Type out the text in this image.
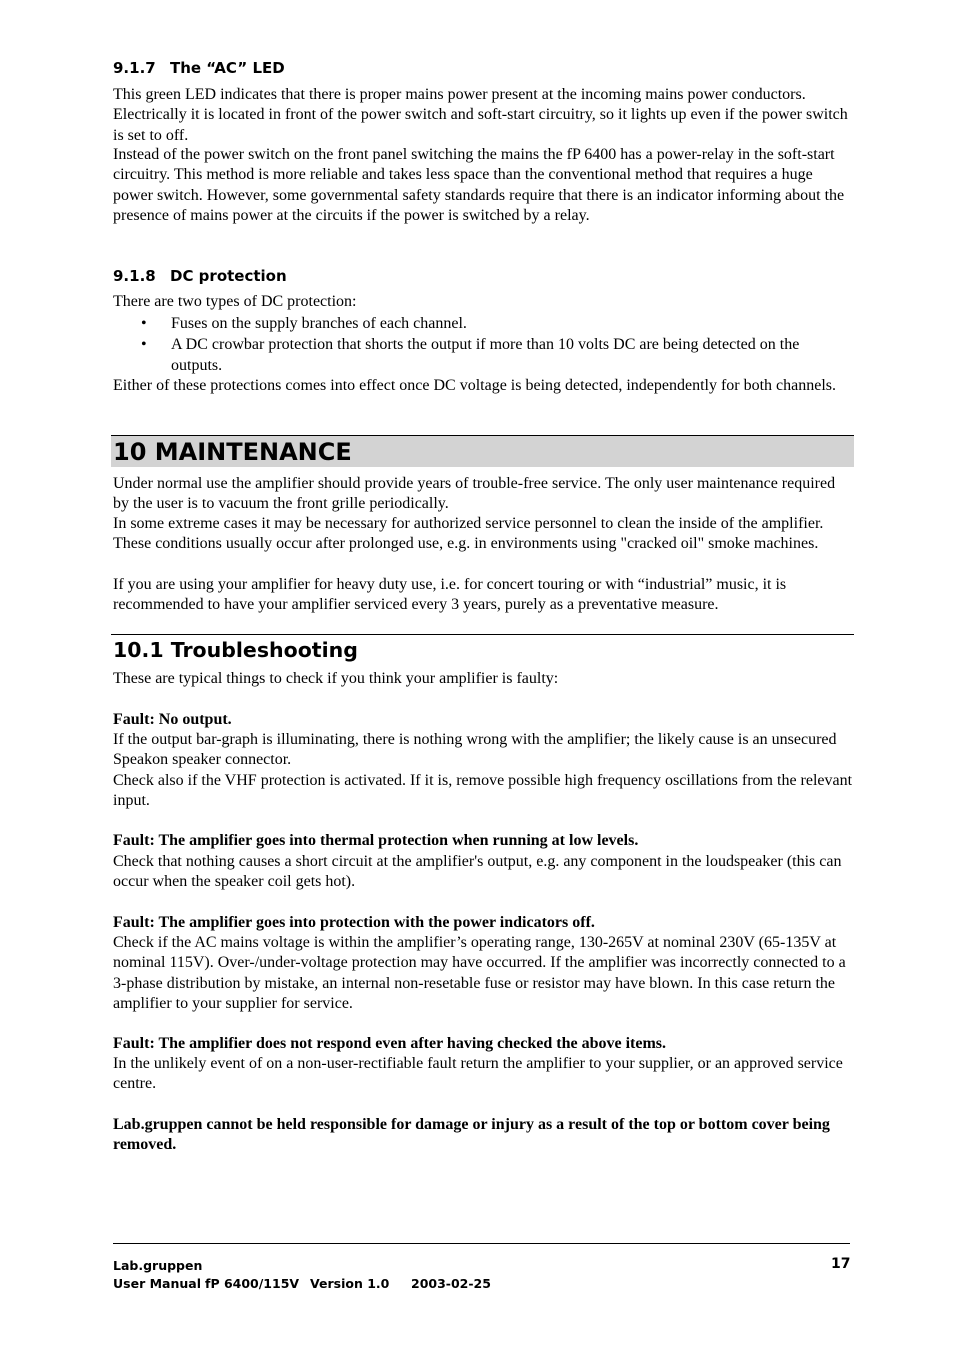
9.1.7 The “AC” LED

This green LED indicates that there is proper mains power present at the incoming mains power conductors. Electrically it is located in front of the power switch and soft-start circuitry, so it lights up even if the power switch is set to off.

Instead of the power switch on the front panel switching the mains the fP 6400 has a power-relay in the soft-start circuitry. This method is more reliable and takes less space than the conventional method that requires a huge power switch. However, some governmental safety standards require that there is an indicator informing about the presence of mains power at the circuits if the power is switched by a relay.

9.1.8 DC protection

There are two types of DC protection:

• Fuses on the supply branches of each channel.
• A DC crowbar protection that shorts the output if more than 10 volts DC are being detected on the outputs.

Either of these protections comes into effect once DC voltage is being detected, independently for both channels.

10 MAINTENANCE

Under normal use the amplifier should provide years of trouble-free service. The only user maintenance required by the user is to vacuum the front grille periodically.

In some extreme cases it may be necessary for authorized service personnel to clean the inside of the amplifier. These conditions usually occur after prolonged use, e.g. in environments using "cracked oil" smoke machines.

If you are using your amplifier for heavy duty use, i.e. for concert touring or with “industrial” music, it is recommended to have your amplifier serviced every 3 years, purely as a preventative measure.

10.1 Troubleshooting

These are typical things to check if you think your amplifier is faulty:

Fault: No output.

If the output bar-graph is illuminating, there is nothing wrong with the amplifier; the likely cause is an unsecured Speakon speaker connector.

Check also if the VHF protection is activated. If it is, remove possible high frequency oscillations from the relevant input.

Fault: The amplifier goes into thermal protection when running at low levels.

Check that nothing causes a short circuit at the amplifier's output, e.g. any component in the loudspeaker (this can occur when the speaker coil gets hot).

Fault: The amplifier goes into protection with the power indicators off.

Check if the AC mains voltage is within the amplifier’s operating range, 130-265V at nominal 230V (65-135V at nominal 115V). Over-/under-voltage protection may have occurred. If the amplifier was incorrectly connected to a 3-phase distribution by mistake, an internal non-resetable fuse or resistor may have blown. In this case return the amplifier to your supplier for service.

Fault: The amplifier does not respond even after having checked the above items.

In the unlikely event of on a non-user-rectifiable fault return the amplifier to your supplier, or an approved service centre.

Lab.gruppen cannot be held responsible for damage or injury as a result of the top or bottom cover being removed.

Lab.gruppen
User Manual fP 6400/115V Version 1.0 2003-02-25
17
